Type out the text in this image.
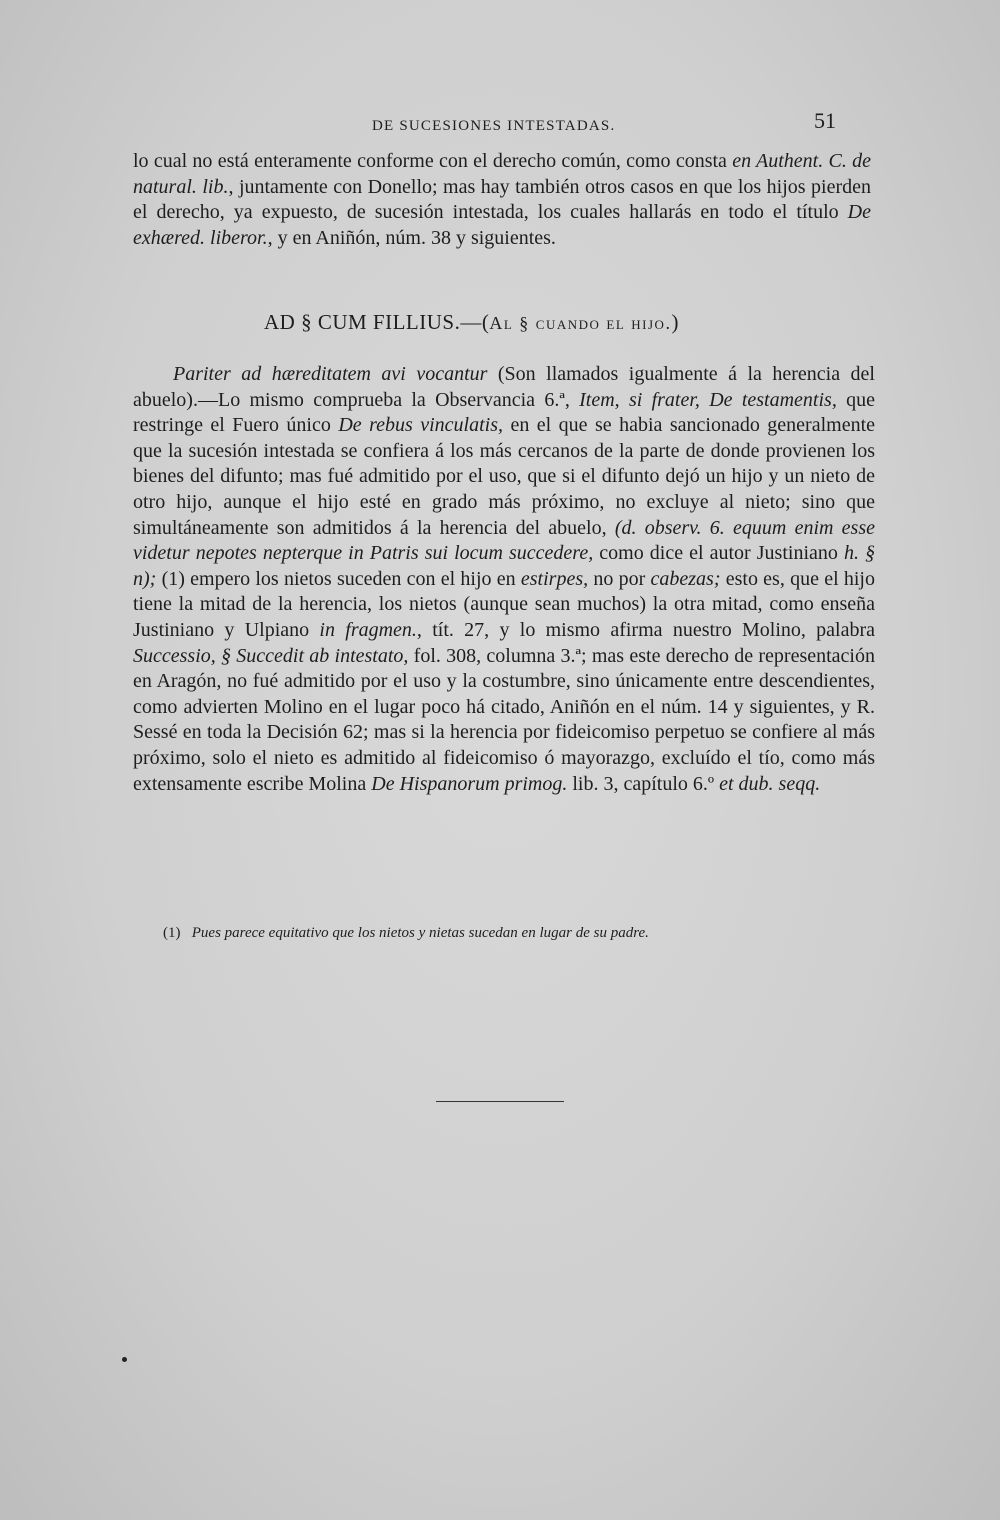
DE SUCESIONES INTESTADAS.	51

lo cual no está enteramente conforme con el derecho común, como consta en Authent. C. de natural. lib., juntamente con Donello; mas hay también otros casos en que los hijos pierden el derecho, ya expuesto, de sucesión intestada, los cuales hallarás en todo el título De exhæred. liberor., y en Aniñón, núm. 38 y siguientes.

AD § CUM FILLIUS.—(Al § cuando el hijo.)

Pariter ad hæreditatem avi vocantur (Son llamados igualmente á la herencia del abuelo).—Lo mismo comprueba la Observancia 6.ª, Item, si frater, De testamentis, que restringe el Fuero único De rebus vinculatis, en el que se habia sancionado generalmente que la sucesión intestada se confiera á los más cercanos de la parte de donde provienen los bienes del difunto; mas fué admitido por el uso, que si el difunto dejó un hijo y un nieto de otro hijo, aunque el hijo esté en grado más próximo, no excluye al nieto; sino que simultáneamente son admitidos á la herencia del abuelo, (d. observ. 6. equum enim esse videtur nepotes nepterque in Patris sui locum succedere, como dice el autor Justiniano h. § n); (1) empero los nietos suceden con el hijo en estirpes, no por cabezas; esto es, que el hijo tiene la mitad de la herencia, los nietos (aunque sean muchos) la otra mitad, como enseña Justiniano y Ulpiano in fragmen., tít. 27, y lo mismo afirma nuestro Molino, palabra Successio, § Succedit ab intestato, fol. 308, columna 3.ª; mas este derecho de representación en Aragón, no fué admitido por el uso y la costumbre, sino únicamente entre descendientes, como advierten Molino en el lugar poco há citado, Aniñón en el núm. 14 y siguientes, y R. Sessé en toda la Decisión 62; mas si la herencia por fideicomiso perpetuo se confiere al más próximo, solo el nieto es admitido al fideicomiso ó mayorazgo, excluído el tío, como más extensamente escribe Molina De Hispanorum primog. lib. 3, capítulo 6.º et dub. seqq.

(1) Pues parece equitativo que los nietos y nietas sucedan en lugar de su padre.
